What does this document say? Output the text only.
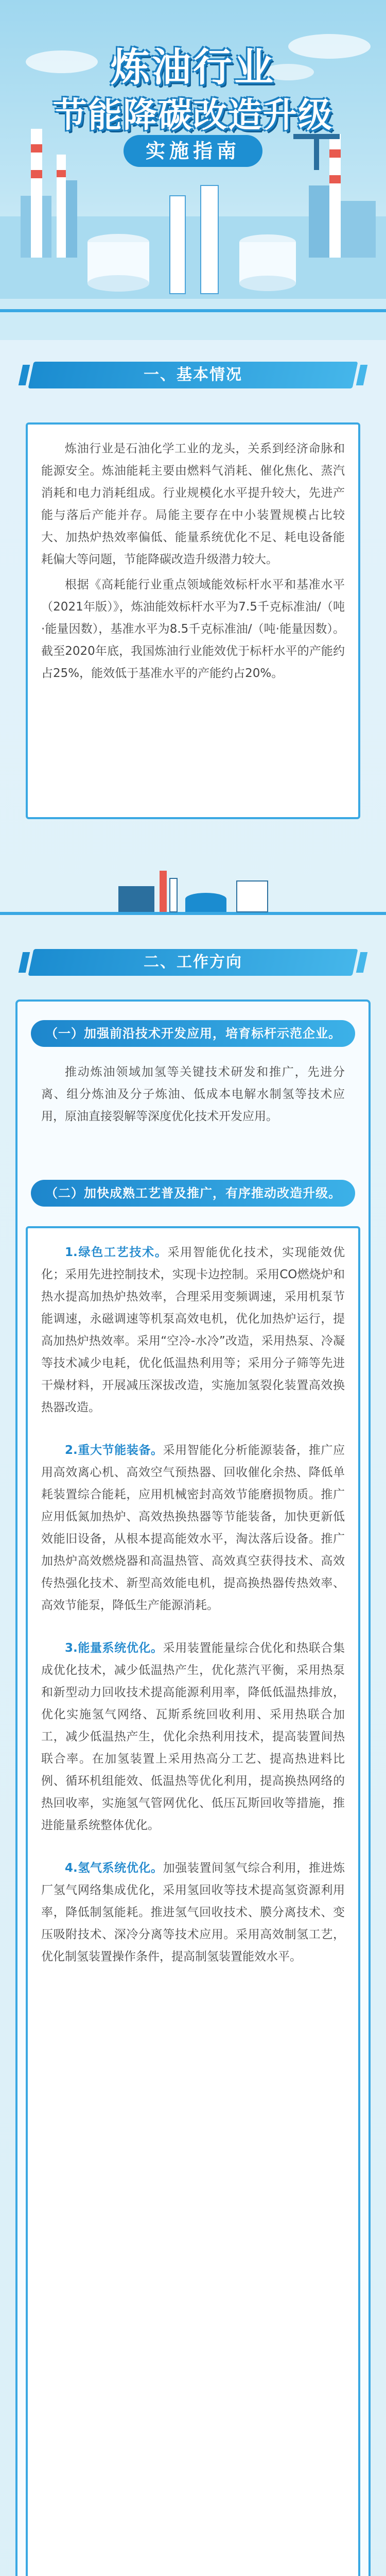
炼油行业
节能降碳改造升级
实施指南
一、基本情况

炼油行业是石油化学工业的龙头，关系到经济命脉和能源安全。炼油能耗主要由燃料气消耗、催化焦化、蒸汽消耗和电力消耗组成。行业规模化水平提升较大，先进产能与落后产能并存。局能主要存在中小装置规模占比较大、加热炉热效率偏低、能量系统优化不足、耗电设备能耗偏大等问题，节能降碳改造升级潜力较大。

根据《高耗能行业重点领域能效标杆水平和基准水平（2021年版）》，炼油能效标杆水平为7.5千克标准油/（吨·能量因数），基准水平为8.5千克标准油/（吨·能量因数）。截至2020年底，我国炼油行业能效优于标杆水平的产能约占25%，能效低于基准水平的产能约占20%。

二、工作方向
（一）加强前沿技术开发应用，培育标杆示范企业。

推动炼油领域加氢等关键技术研发和推广，先进分离、组分炼油及分子炼油、低成本电解水制氢等技术应用，原油直接裂解等深度优化技术开发应用。

（二）加快成熟工艺普及推广，有序推动改造升级。

1.绿色工艺技术。采用智能优化技术，实现能效优化；采用先进控制技术，实现卡边控制。采用CO燃烧炉和热水提高加热炉热效率，合理采用变频调速，采用机泵节能调速，永磁调速等机泵高效电机，优化加热炉运行，提高加热炉热效率。采用“空冷-水冷”改造，采用热泵、冷凝等技术减少电耗，优化低温热利用等；采用分子筛等先进干燥材料，开展减压深拔改造，实施加氢裂化装置高效换热器改造。

2.重大节能装备。采用智能化分析能源装备，推广应用高效离心机、高效空气预热器、回收催化余热、降低单耗装置综合能耗，应用机械密封高效节能磨损物质。推广应用低氮加热炉、高效热换热器等节能装备，加快更新低效能旧设备，从根本提高能效水平，淘汰落后设备。推广加热炉高效燃烧器和高温热管、高效真空获得技术、高效传热强化技术、新型高效能电机，提高换热器传热效率、高效节能泵，降低生产能源消耗。

3.能量系统优化。采用装置能量综合优化和热联合集成优化技术，减少低温热产生，优化蒸汽平衡，采用热泵和新型动力回收技术提高能源利用率，降低低温热排放，优化实施氢气网络、瓦斯系统回收利用、采用热联合加工，减少低温热产生，优化余热利用技术，提高装置间热联合率。在加氢装置上采用热高分工艺、提高热进料比例、循环机组能效、低温热等优化利用，提高换热网络的热回收率，实施氢气管网优化、低压瓦斯回收等措施，推进能量系统整体优化。

4.氢气系统优化。加强装置间氢气综合利用，推进炼厂氢气网络集成优化，采用氢回收等技术提高氢资源利用率，降低制氢能耗。推进氢气回收技术、膜分离技术、变压吸附技术、深冷分离等技术应用。采用高效制氢工艺，优化制氢装置操作条件，提高制氢装置能效水平。
